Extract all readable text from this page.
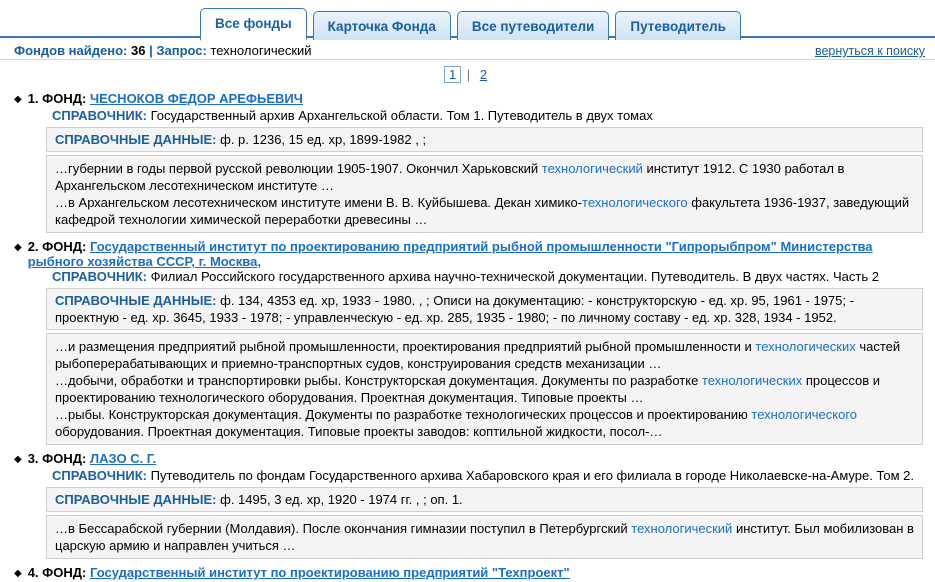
Все фонды	Карточка Фонда	Все путеводители	Путеводитель
Фондов найдено: 36 | Запрос: технологический	вернуться к поиску
1 | 2
◆ 1. ФОНД: ЧЕСНОКОВ ФЕДОР АРЕФЬЕВИЧ
СПРАВОЧНИК: Государственный архив Архангельской области. Том 1. Путеводитель в двух томах
СПРАВОЧНЫЕ ДАННЫЕ: ф. р. 1236, 15 ед. хр, 1899-1982 , ;

…губернии в годы первой русской революции 1905-1907. Окончил Харьковский технологический институт 1912. С 1930 работал в Архангельском лесотехническом институте …

…в Архангельском лесотехническом институте имени В. В. Куйбышева. Декан химико-технологического факультета 1936-1937, заведующий кафедрой технологии химической переработки древесины …

◆ 2. ФОНД: Государственный институт по проектированию предприятий рыбной промышленности "Гипрорыбпром" Министерства рыбного хозяйства СССР, г. Москва,
СПРАВОЧНИК: Филиал Российского государственного архива научно-технической документации. Путеводитель. В двух частях. Часть 2
СПРАВОЧНЫЕ ДАННЫЕ: ф. 134, 4353 ед. хр, 1933 - 1980. , ; Описи на документацию: - конструкторскую - ед. хр. 95, 1961 - 1975; - проектную - ед. хр. 3645, 1933 - 1978; - управленческую - ед. хр. 285, 1935 - 1980; - по личному составу - ед. хр. 328, 1934 - 1952.

…и размещения предприятий рыбной промышленности, проектирования предприятий рыбной промышленности и технологических частей рыбоперерабатывающих и приемно-транспортных судов, конструирования средств механизации …

…добычи, обработки и транспортировки рыбы. Конструкторская документация. Документы по разработке технологических процессов и проектированию технологического оборудования. Проектная документация. Типовые проекты …

…рыбы. Конструкторская документация. Документы по разработке технологических процессов и проектированию технологического оборудования. Проектная документация. Типовые проекты заводов: коптильной жидкости, посол-…

◆ 3. ФОНД: ЛАЗО С. Г.
СПРАВОЧНИК: Путеводитель по фондам Государственного архива Хабаровского края и его филиала в городе Николаевске-на-Амуре. Том 2.
СПРАВОЧНЫЕ ДАННЫЕ: ф. 1495, 3 ед. хр, 1920 - 1974 гг. , ; оп. 1.

…в Бессарабской губернии (Молдавия). После окончания гимназии поступил в Петербургский технологический институт. Был мобилизован в царскую армию и направлен учиться …

◆ 4. ФОНД: Государственный институт по проектированию предприятий "Техпроект"
